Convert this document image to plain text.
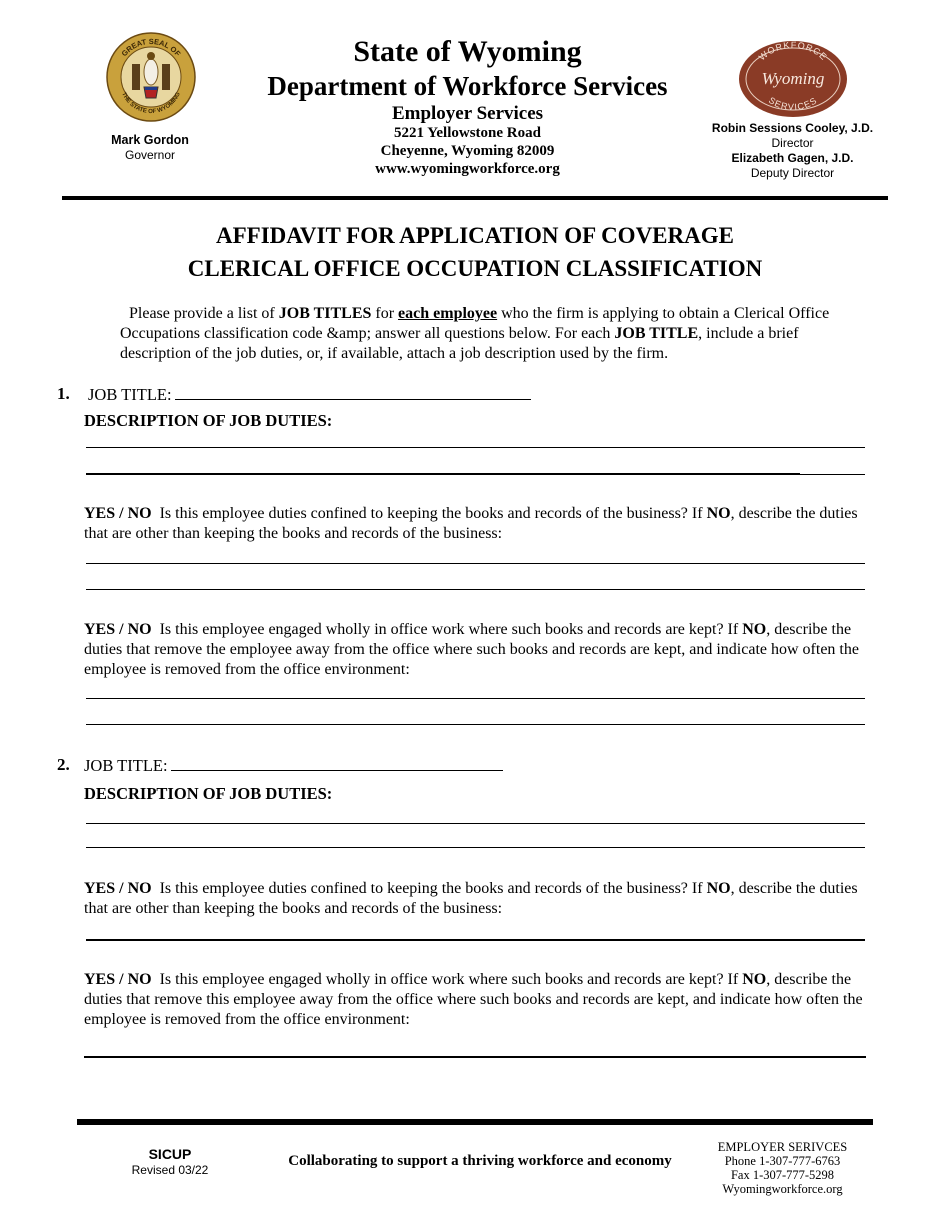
GREAT SEAL OF
THE STATE OF WYOMING
Mark Gordon
Governor
State of Wyoming
Department of Workforce Services
Employer Services
5221 Yellowstone Road
Cheyenne, Wyoming 82009
www.wyomingworkforce.org
WORKFORCE
SERVICES
Wyoming
Robin Sessions Cooley, J.D.
Director
Elizabeth Gagen, J.D.
Deputy Director
AFFIDAVIT FOR APPLICATION OF COVERAGE
CLERICAL OFFICE OCCUPATION CLASSIFICATION
Please provide a list of JOB TITLES for each employee who the firm is applying to obtain a Clerical Office Occupations classification code &amp; answer all questions below. For each JOB TITLE, include a brief description of the job duties, or, if available, attach a job description used by the firm.
1. JOB TITLE:
DESCRIPTION OF JOB DUTIES:
YES / NO Is this employee duties confined to keeping the books and records of the business? If NO, describe the duties that are other than keeping the books and records of the business:
YES / NO Is this employee engaged wholly in office work where such books and records are kept? If NO, describe the duties that remove the employee away from the office where such books and records are kept, and indicate how often the employee is removed from the office environment:
2. JOB TITLE:
DESCRIPTION OF JOB DUTIES:
YES / NO Is this employee duties confined to keeping the books and records of the business? If NO, describe the duties that are other than keeping the books and records of the business:
YES / NO Is this employee engaged wholly in office work where such books and records are kept? If NO, describe the duties that remove this employee away from the office where such books and records are kept, and indicate how often the employee is removed from the office environment:
SICUP
Revised 03/22
Collaborating to support a thriving workforce and economy
EMPLOYER SERIVCES
Phone 1-307-777-6763
Fax 1-307-777-5298
Wyomingworkforce.org
